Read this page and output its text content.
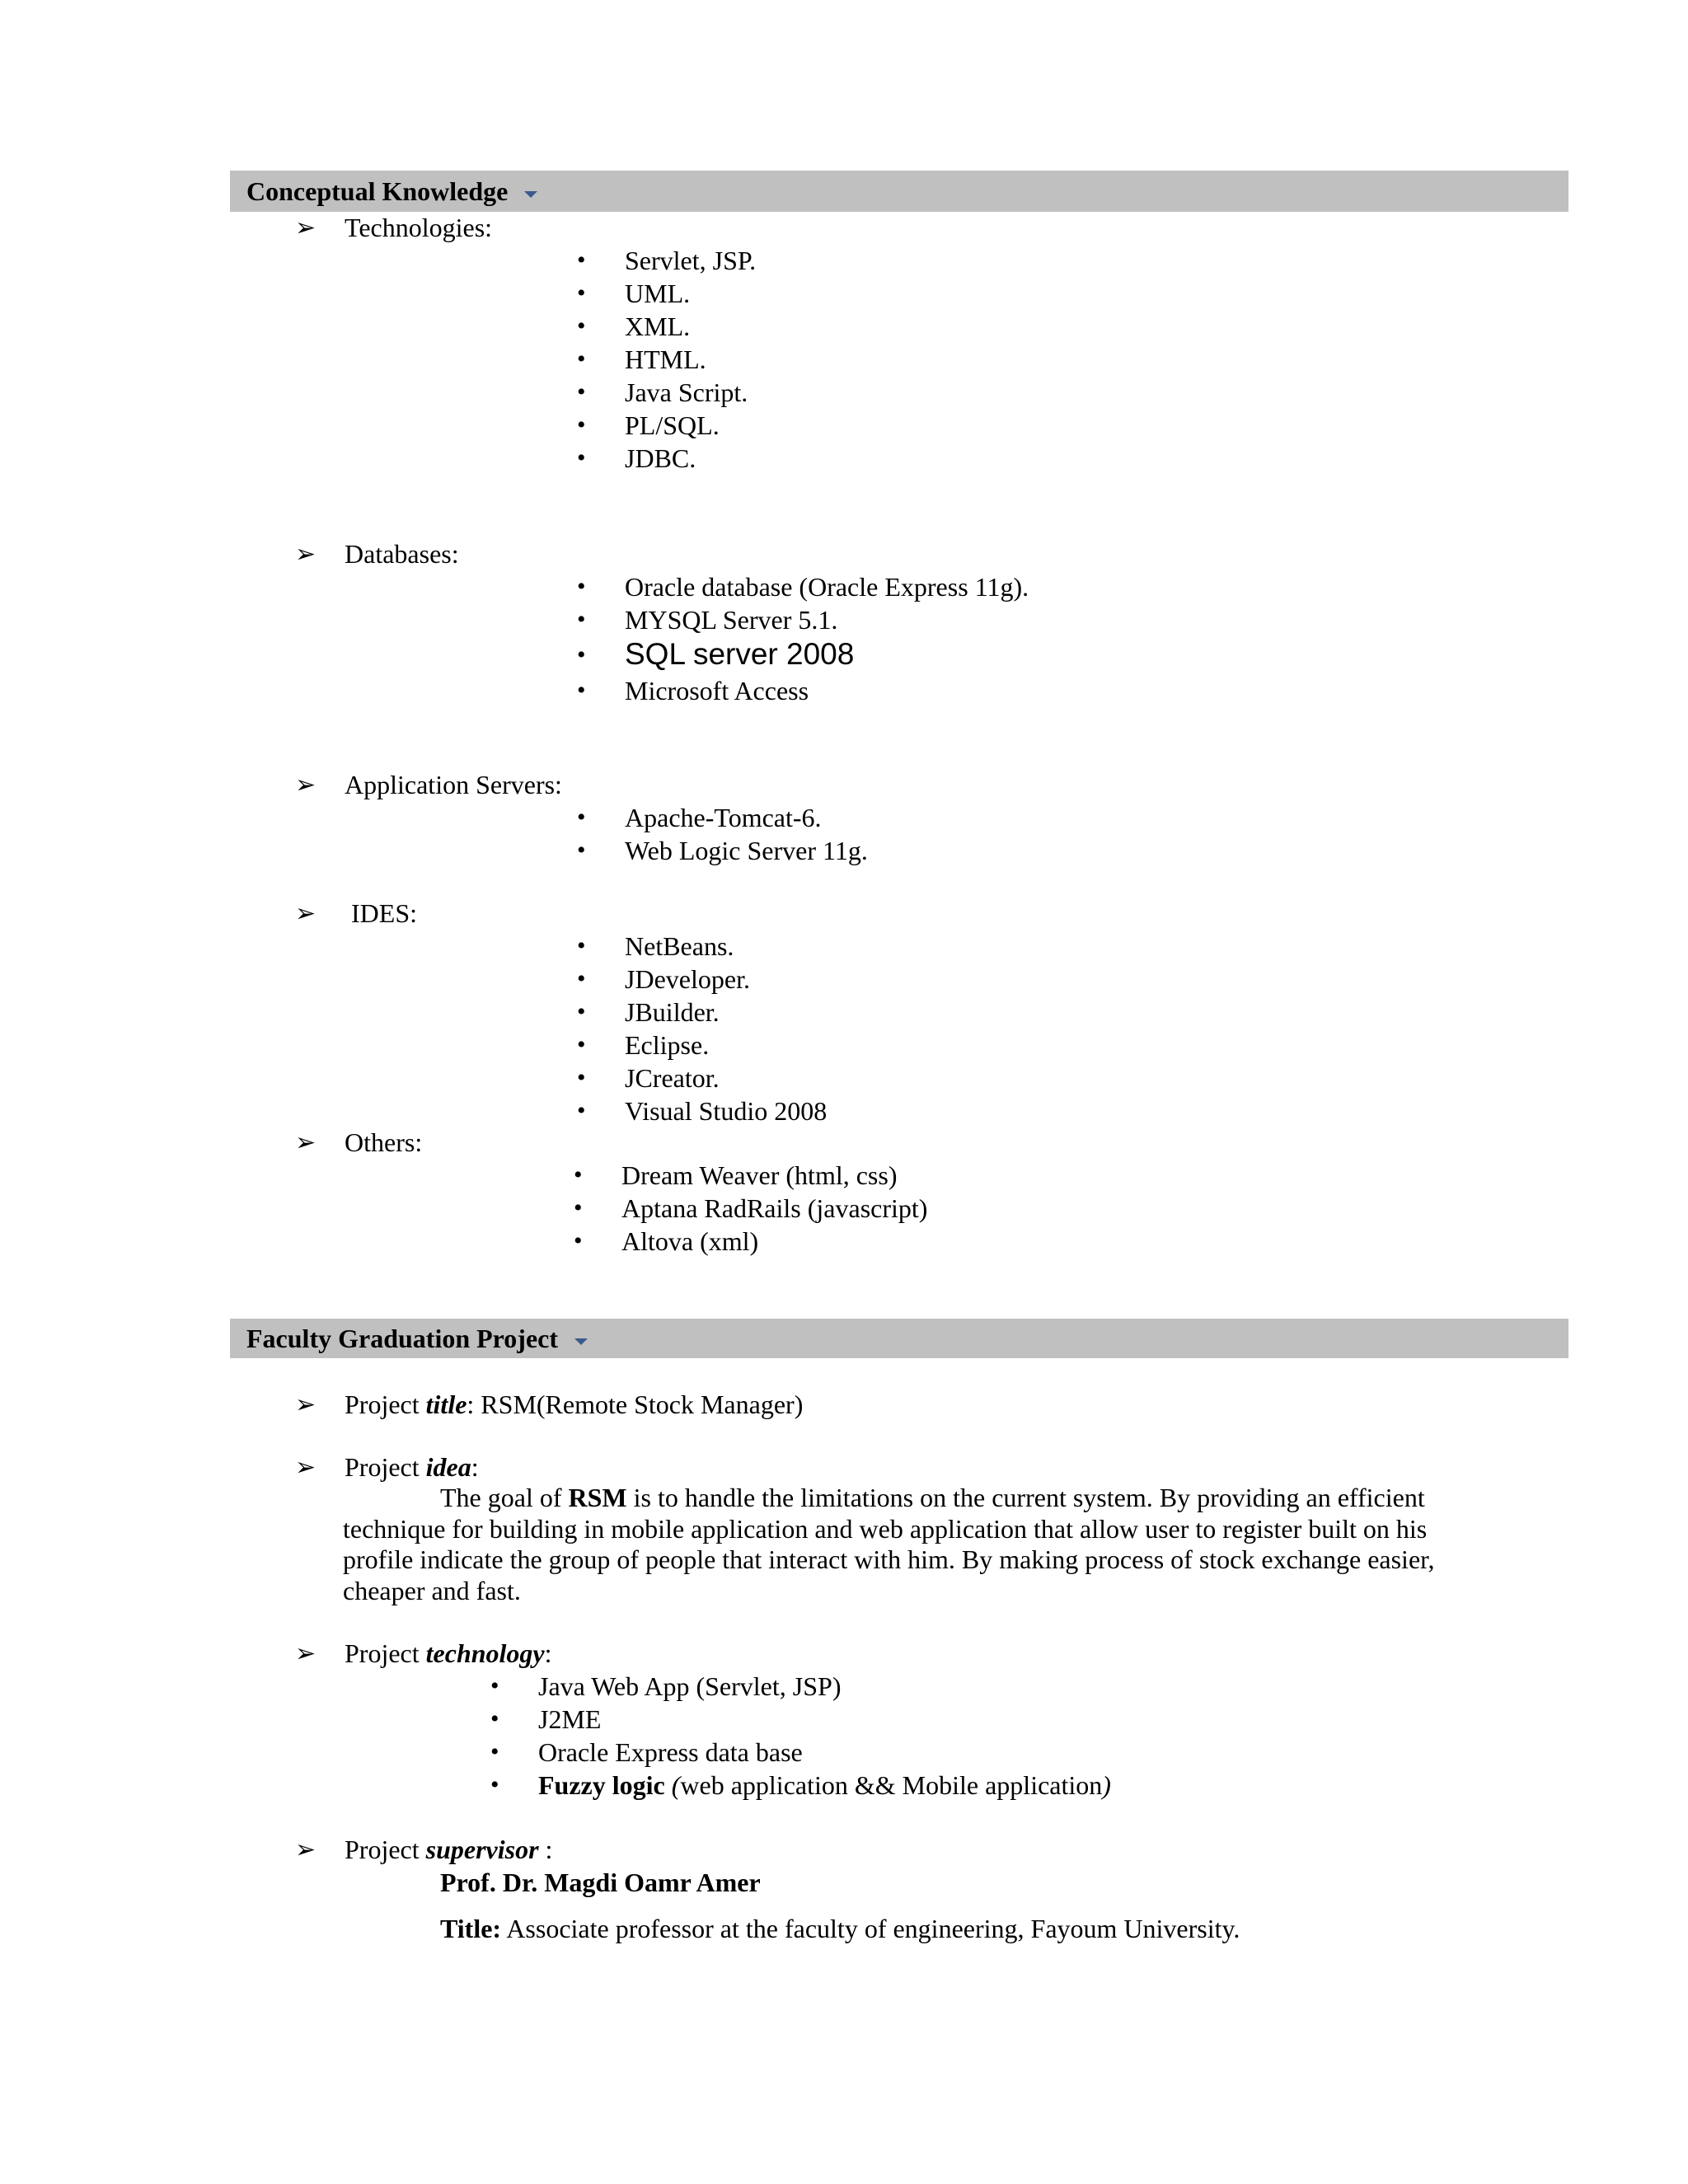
Conceptual Knowledge
➢ Technologies:
• Servlet, JSP.
• UML.
• XML.
• HTML.
• Java Script.
• PL/SQL.
• JDBC.
➢ Databases:
• Oracle database (Oracle Express 11g).
• MYSQL Server 5.1.
• SQL server 2008
• Microsoft Access
➢ Application Servers:
• Apache-Tomcat-6.
• Web Logic Server 11g.
➢ IDES:
• NetBeans.
• JDeveloper.
• JBuilder.
• Eclipse.
• JCreator.
• Visual Studio 2008
➢ Others:
• Dream Weaver (html, css)
• Aptana RadRails (javascript)
• Altova (xml)
Faculty Graduation Project
➢ Project title: RSM(Remote Stock Manager)
➢ Project idea:
The goal of RSM is to handle the limitations on the current system. By providing an efficient technique for building in mobile application and web application that allow user to register built on his profile indicate the group of people that interact with him. By making process of stock exchange easier, cheaper and fast.
➢ Project technology:
• Java Web App (Servlet, JSP)
• J2ME
• Oracle Express data base
• Fuzzy logic (web application && Mobile application)
➢ Project supervisor :
Prof. Dr. Magdi Oamr Amer
Title: Associate professor at the faculty of engineering, Fayoum University.
